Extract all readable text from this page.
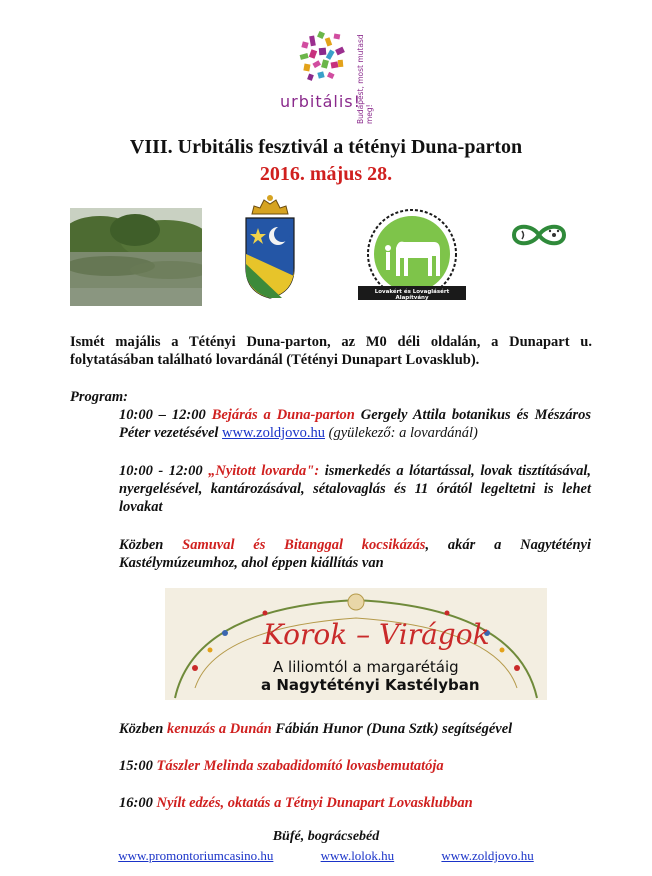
urbitális!
Budapest, most mutasd meg!
VIII. Urbitális fesztivál a tétényi Duna-parton
2016. május 28.
Lovakért és Lovaglásért Alapítvány
Ismét majális a Tétényi Duna-parton, az M0 déli oldalán, a Dunapart u. folytatásában található lovardánál (Tétényi Dunapart Lovasklub).
Program:
10:00 – 12:00 Bejárás a Duna-parton Gergely Attila botanikus és Mészáros Péter vezetésével www.zoldjovo.hu (gyülekező: a lovardánál)
10:00 - 12:00 „Nyitott lovarda": ismerkedés a lótartással, lovak tisztításával, nyergelésével, kantározásával, sétalovaglás és 11 órától legeltetni is lehet lovakat
Közben Samuval és Bitanggal kocsikázás, akár a Nagytétényi Kastélymúzeumhoz, ahol éppen kiállítás van
Korok – Virágok
A liliomtól a margarétáig
a Nagytétényi Kastélyban
Közben kenuzás a Dunán Fábián Hunor (Duna Sztk) segítségével
15:00 Tászler Melinda szabadidomító lovasbemutatója
16:00 Nyílt edzés, oktatás a Tétnyi Dunapart Lovasklubban
Büfé, bográcsebéd
www.promontoriumcasino.hu	www.lolok.hu	www.zoldjovo.hu
